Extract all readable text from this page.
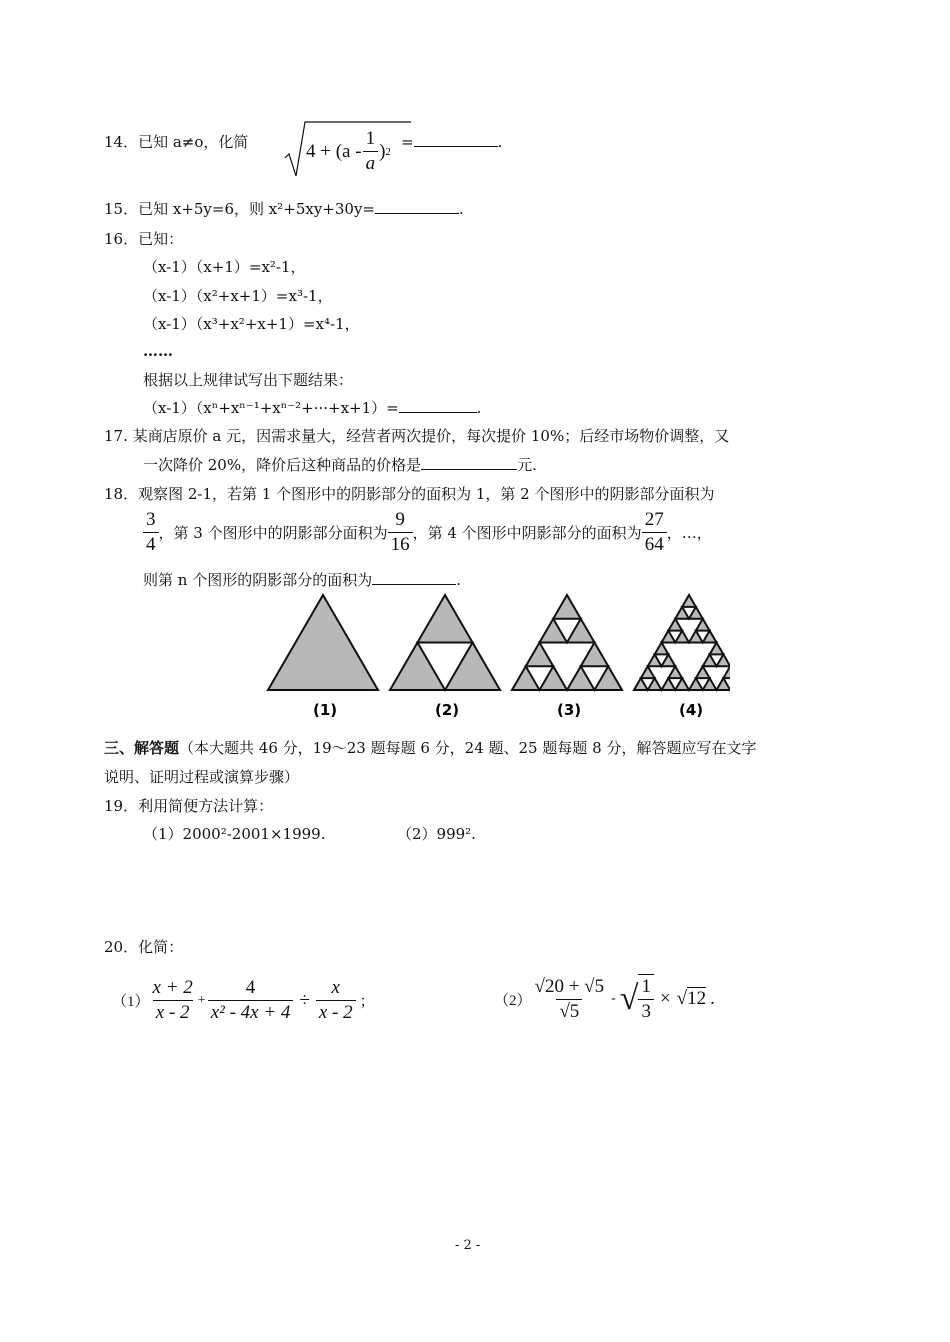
14．已知 a≠o，化简	$4 + (a - \frac{1}{a}$ ) 2
=	.
15．已知 x+5y=6，则 x²+5xy+30y=	.
16．已知：
（x-1）（x+1）=x²-1，
（x-1）（x²+x+1）=x³-1，
（x-1）（x³+x²+x+1）=x⁴-1，
……
根据以上规律试写出下题结果：
（x-1）（xⁿ+xⁿ⁻¹+xⁿ⁻²+···+x+1）=	.
17. 某商店原价 a 元，因需求量大，经营者两次提价，每次提价 10%；后经市场物价调整，又
一次降价 20%，降价后这种商品的价格是	元.
18．观察图 2-1，若第 1 个图形中的阴影部分的面积为 1，第 2 个图形中的阴影部分面积为
$\frac{3}{4}$ ，第 3 个图形中的阴影部分面积为 $\frac{9}{16}$ ，第 4 个图形中阴影部分的面积为 $\frac{27}{64}$ ，…，
则第 n 个图形的阴影部分的面积为	.
(1)	(2)	(3)	(4)
三、解答题（本大题共 46 分，19～23 题每题 6 分，24 题、25 题每题 8 分，解答题应写在文字
说明、证明过程或演算步骤）
19．利用简便方法计算：
（1）2000²-2001×1999.	（2）999².
20．化简：
$(1) \frac{x + 2}{x - 2} + \frac{4}{\text{x² - 4x + 4}} \div \frac{x}{x - 2}$ ；	$(2) \frac{√20 + √5}{√5}$ - √ $\frac{1}{3} \times √12$ .
- 2 -
